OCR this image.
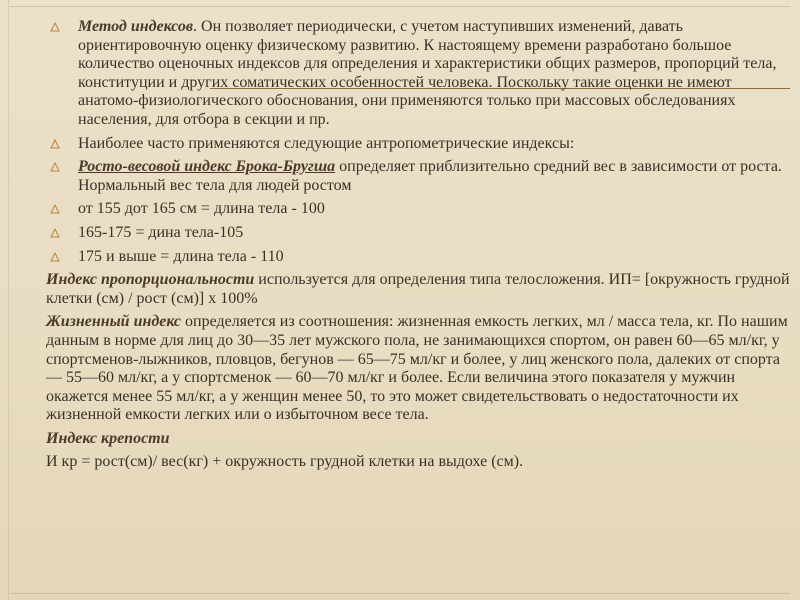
Метод индексов. Он позволяет периодически, с учетом наступивших изменений, давать ориентировочную оценку физическому развитию. К настоящему времени разработано большое количество оценочных индексов для определения и характеристики общих размеров, пропорций тела, конституции и других соматических особенностей человека. Поскольку такие оценки не имеют анатомо-физиологического обоснования, они применяются только при массовых обследованиях населения, для отбора в секции и пр.

Наиболее часто применяются следующие антропометрические индексы:

Росто-весовой индекс Брока-Бругша определяет приблизительно средний вес в зависимости от роста. Нормальный вес тела для людей ростом

от 155 дот 165 см = длина тела - 100

165-175 = дина тела-105

175 и выше = длина тела - 110

Индекс пропорциональности используется для определения типа телосложения. ИП= [окружность грудной клетки (см) / рост (см)] х 100%

Жизненный индекс определяется из соотношения: жизненная емкость легких, мл / масса тела, кг. По нашим данным в норме для лиц до 30—35 лет мужского пола, не занимающихся спортом, он равен 60—65 мл/кг, у спортсменов-лыжников, пловцов, бегунов — 65—75 мл/кг и более, у лиц женского пола, далеких от спорта — 55—60 мл/кг, а у спортсменок — 60—70 мл/кг и более. Если величина этого показателя у мужчин окажется менее 55 мл/кг, а у женщин менее 50, то это может свидетельствовать о недостаточности их жизненной емкости легких или о избыточном весе тела.

Индекс крепости

И кр = рост(см)/ вес(кг) + окружность грудной клетки на выдохе (см).
